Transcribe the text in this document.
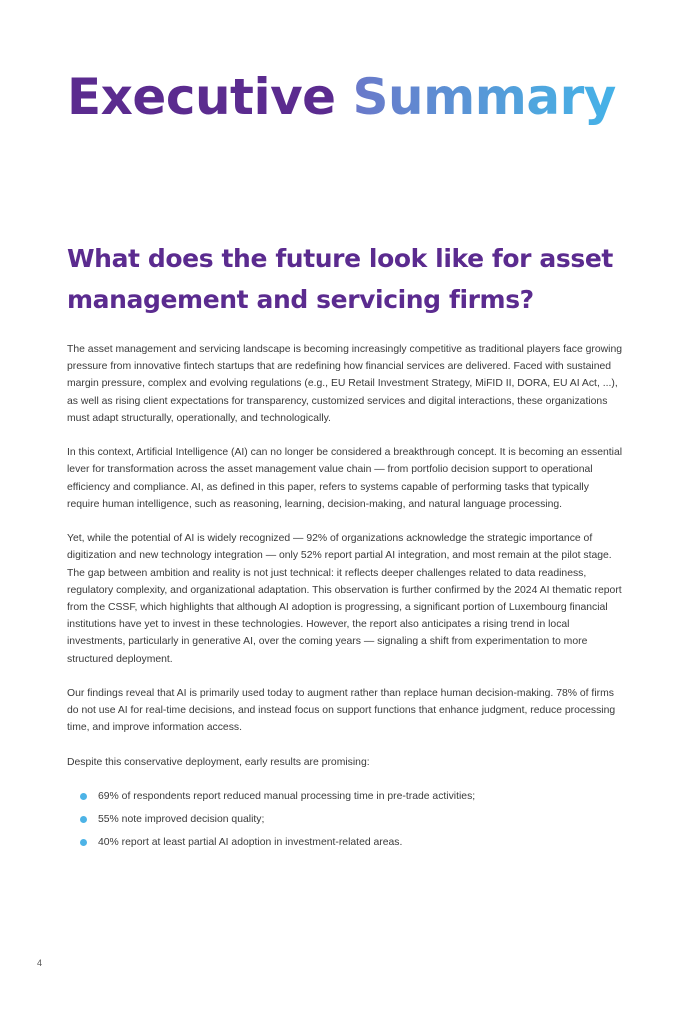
Executive Summary
What does the future look like for asset management and servicing firms?

The asset management and servicing landscape is becoming increasingly competitive as traditional players face growing pressure from innovative fintech startups that are redefining how financial services are delivered. Faced with sustained margin pressure, complex and evolving regulations (e.g., EU Retail Investment Strategy, MiFID II, DORA, EU AI Act, ...), as well as rising client expectations for transparency, customized services and digital interactions, these organizations must adapt structurally, operationally, and technologically.

In this context, Artificial Intelligence (AI) can no longer be considered a breakthrough concept. It is becoming an essential lever for transformation across the asset management value chain — from portfolio decision support to operational efficiency and compliance. AI, as defined in this paper, refers to systems capable of performing tasks that typically require human intelligence, such as reasoning, learning, decision-making, and natural language processing.

Yet, while the potential of AI is widely recognized — 92% of organizations acknowledge the strategic importance of digitization and new technology integration — only 52% report partial AI integration, and most remain at the pilot stage. The gap between ambition and reality is not just technical: it reflects deeper challenges related to data readiness, regulatory complexity, and organizational adaptation. This observation is further confirmed by the 2024 AI thematic report from the CSSF, which highlights that although AI adoption is progressing, a significant portion of Luxembourg financial institutions have yet to invest in these technologies. However, the report also anticipates a rising trend in local investments, particularly in generative AI, over the coming years — signaling a shift from experimentation to more structured deployment.

Our findings reveal that AI is primarily used today to augment rather than replace human decision-making. 78% of firms do not use AI for real-time decisions, and instead focus on support functions that enhance judgment, reduce processing time, and improve information access.

Despite this conservative deployment, early results are promising:

69% of respondents report reduced manual processing time in pre-trade activities;
55% note improved decision quality;
40% report at least partial AI adoption in investment-related areas.
4
